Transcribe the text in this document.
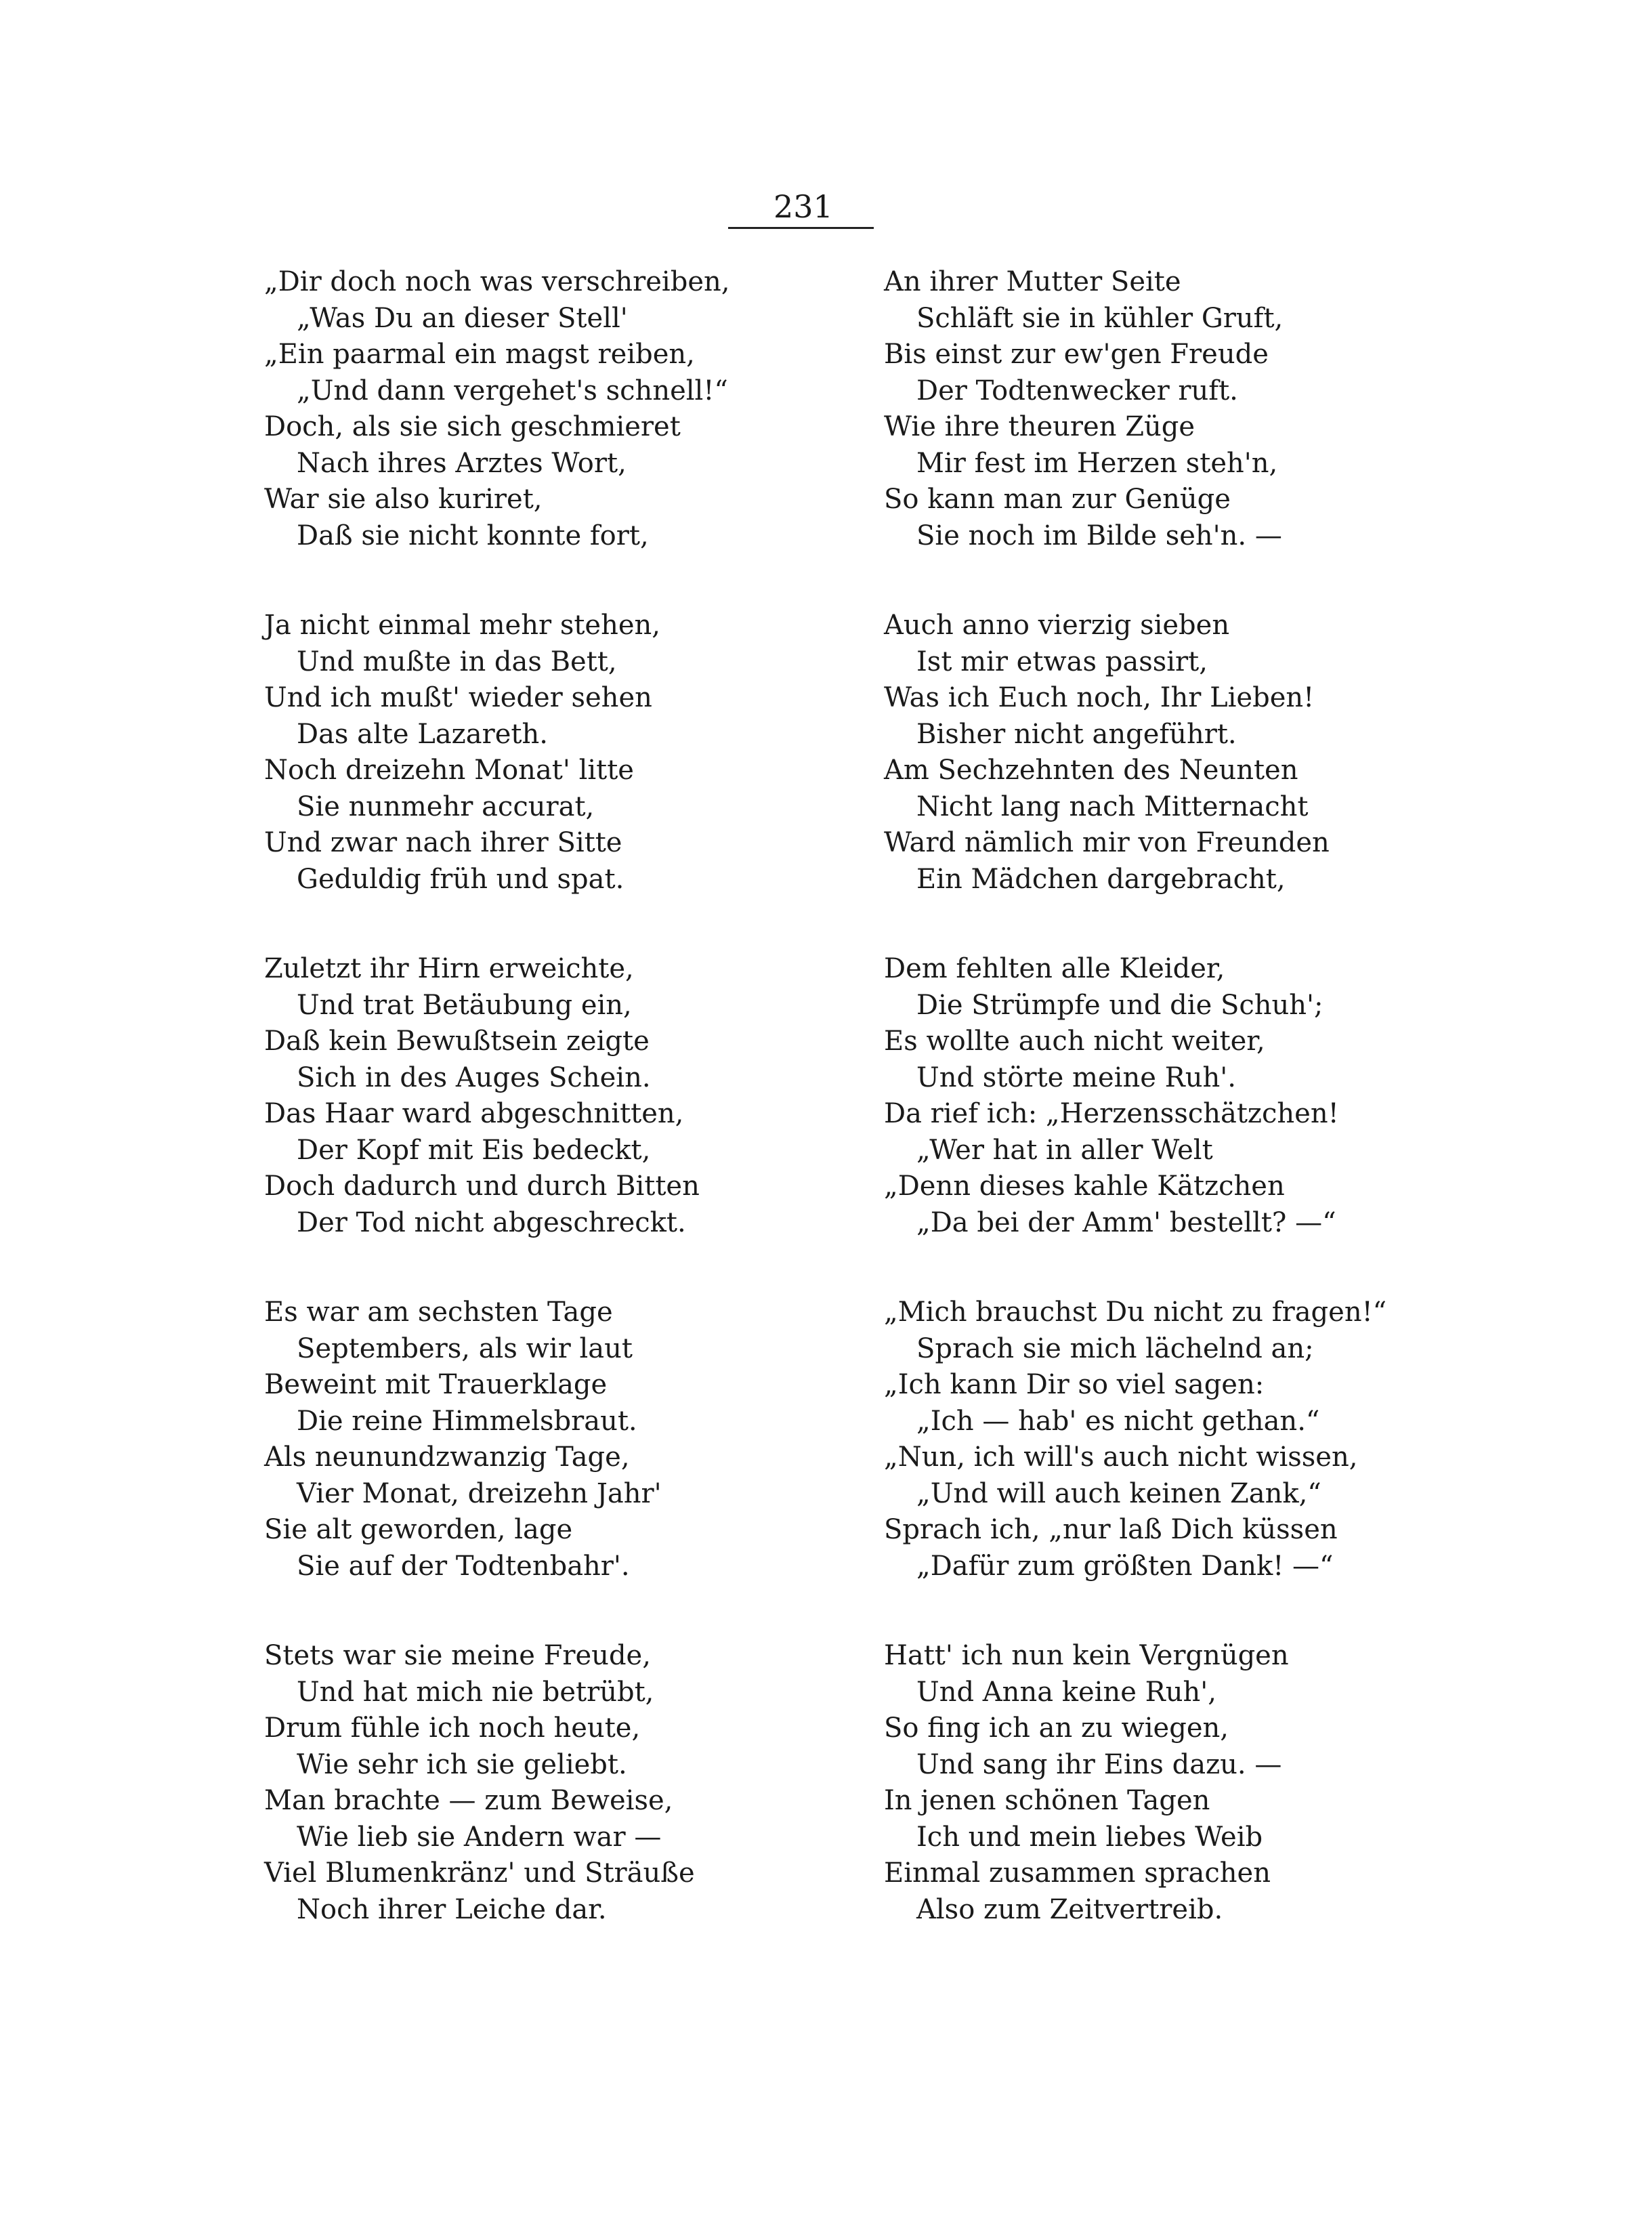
231
„Dir doch noch was verschreiben,
„Was Du an dieser Stell'
„Ein paarmal ein magst reiben,
„Und dann vergehet's schnell!“
Doch, als sie sich geschmieret
Nach ihres Arztes Wort,
War sie also kuriret,
Daß sie nicht konnte fort,
Ja nicht einmal mehr stehen,
Und mußte in das Bett,
Und ich mußt' wieder sehen
Das alte Lazareth.
Noch dreizehn Monat' litte
Sie nunmehr accurat,
Und zwar nach ihrer Sitte
Geduldig früh und spat.
Zuletzt ihr Hirn erweichte,
Und trat Betäubung ein,
Daß kein Bewußtsein zeigte
Sich in des Auges Schein.
Das Haar ward abgeschnitten,
Der Kopf mit Eis bedeckt,
Doch dadurch und durch Bitten
Der Tod nicht abgeschreckt.
Es war am sechsten Tage
Septembers, als wir laut
Beweint mit Trauerklage
Die reine Himmelsbraut.
Als neunundzwanzig Tage,
Vier Monat, dreizehn Jahr'
Sie alt geworden, lage
Sie auf der Todtenbahr'.
Stets war sie meine Freude,
Und hat mich nie betrübt,
Drum fühle ich noch heute,
Wie sehr ich sie geliebt.
Man brachte — zum Beweise,
Wie lieb sie Andern war —
Viel Blumenkränz' und Sträuße
Noch ihrer Leiche dar.
An ihrer Mutter Seite
Schläft sie in kühler Gruft,
Bis einst zur ew'gen Freude
Der Todtenwecker ruft.
Wie ihre theuren Züge
Mir fest im Herzen steh'n,
So kann man zur Genüge
Sie noch im Bilde seh'n. —
Auch anno vierzig sieben
Ist mir etwas passirt,
Was ich Euch noch, Ihr Lieben!
Bisher nicht angeführt.
Am Sechzehnten des Neunten
Nicht lang nach Mitternacht
Ward nämlich mir von Freunden
Ein Mädchen dargebracht,
Dem fehlten alle Kleider,
Die Strümpfe und die Schuh';
Es wollte auch nicht weiter,
Und störte meine Ruh'.
Da rief ich: „Herzensschätzchen!
„Wer hat in aller Welt
„Denn dieses kahle Kätzchen
„Da bei der Amm' bestellt? —“
„Mich brauchst Du nicht zu fragen!“
Sprach sie mich lächelnd an;
„Ich kann Dir so viel sagen:
„Ich — hab' es nicht gethan.“
„Nun, ich will's auch nicht wissen,
„Und will auch keinen Zank,“
Sprach ich, „nur laß Dich küssen
„Dafür zum größten Dank! —“
Hatt' ich nun kein Vergnügen
Und Anna keine Ruh',
So fing ich an zu wiegen,
Und sang ihr Eins dazu. —
In jenen schönen Tagen
Ich und mein liebes Weib
Einmal zusammen sprachen
Also zum Zeitvertreib.
